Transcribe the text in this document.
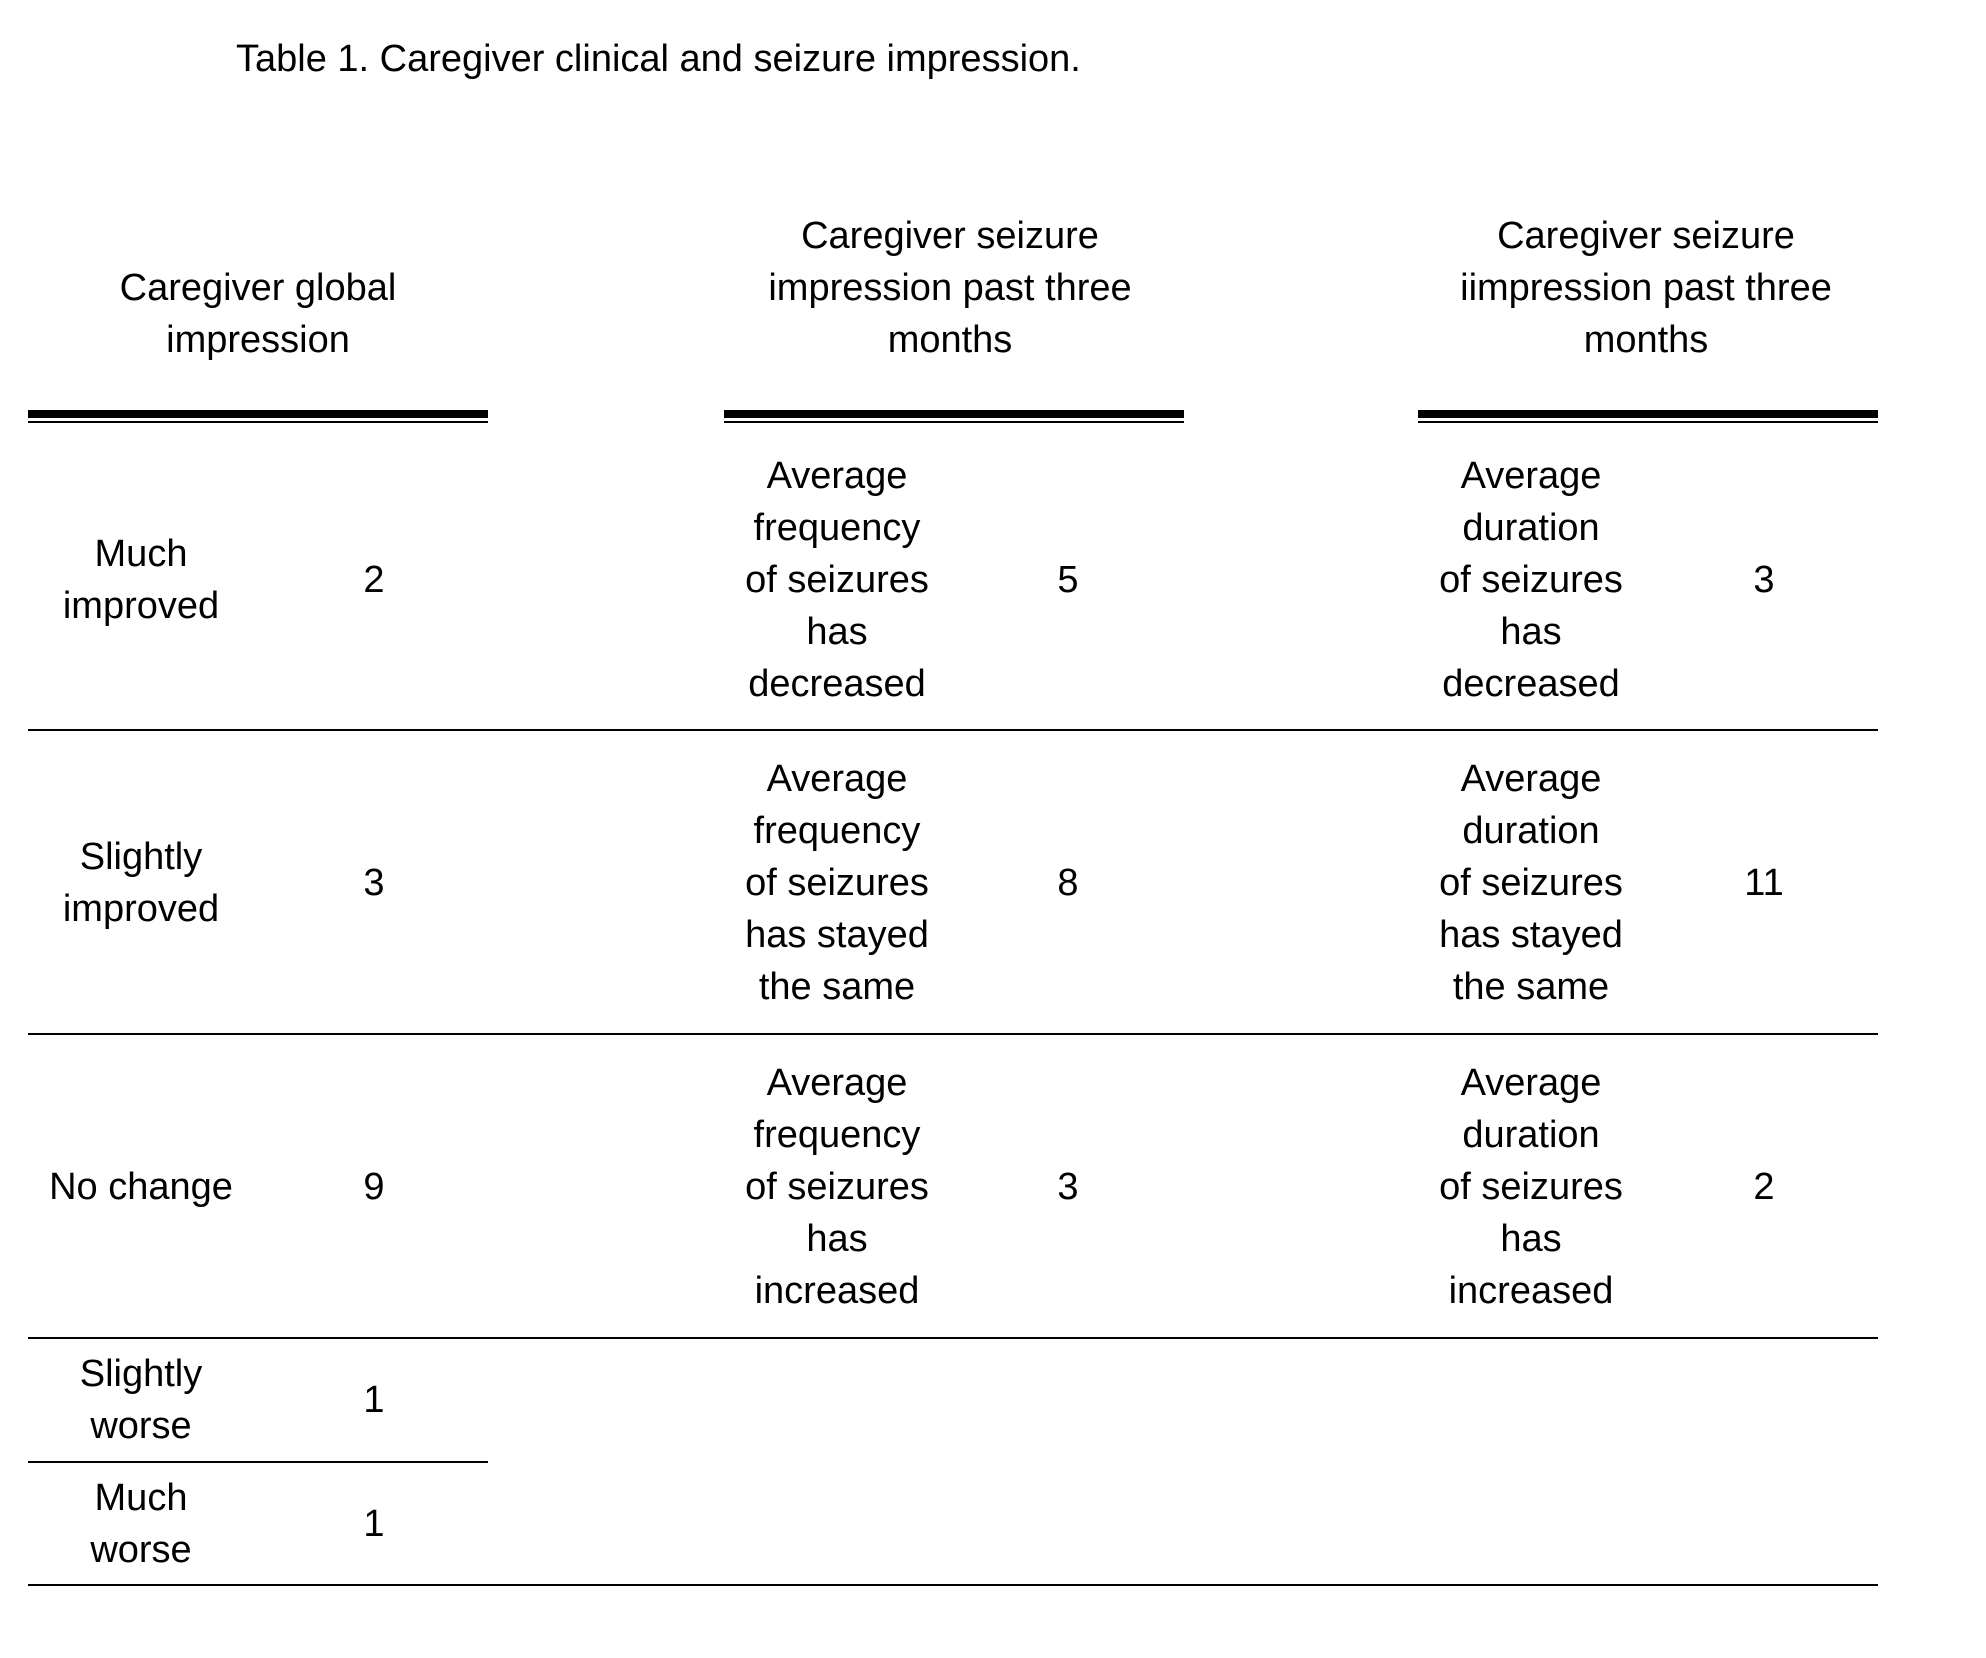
Table 1. Caregiver clinical and seizure impression.
Caregiver global
impression
Caregiver seizure
impression past three
months
Caregiver seizure
iimpression past three
months
Much
improved
2
Average
frequency
of seizures
has
decreased
5
Average
duration
of seizures
has
decreased
3
Slightly
improved
3
Average
frequency
of seizures
has stayed
the same
8
Average
duration
of seizures
has stayed
the same
11
No change	9
Average
frequency
of seizures
has
increased
3
Average
duration
of seizures
has
increased
2
Slightly
worse
1
Much
worse
1
